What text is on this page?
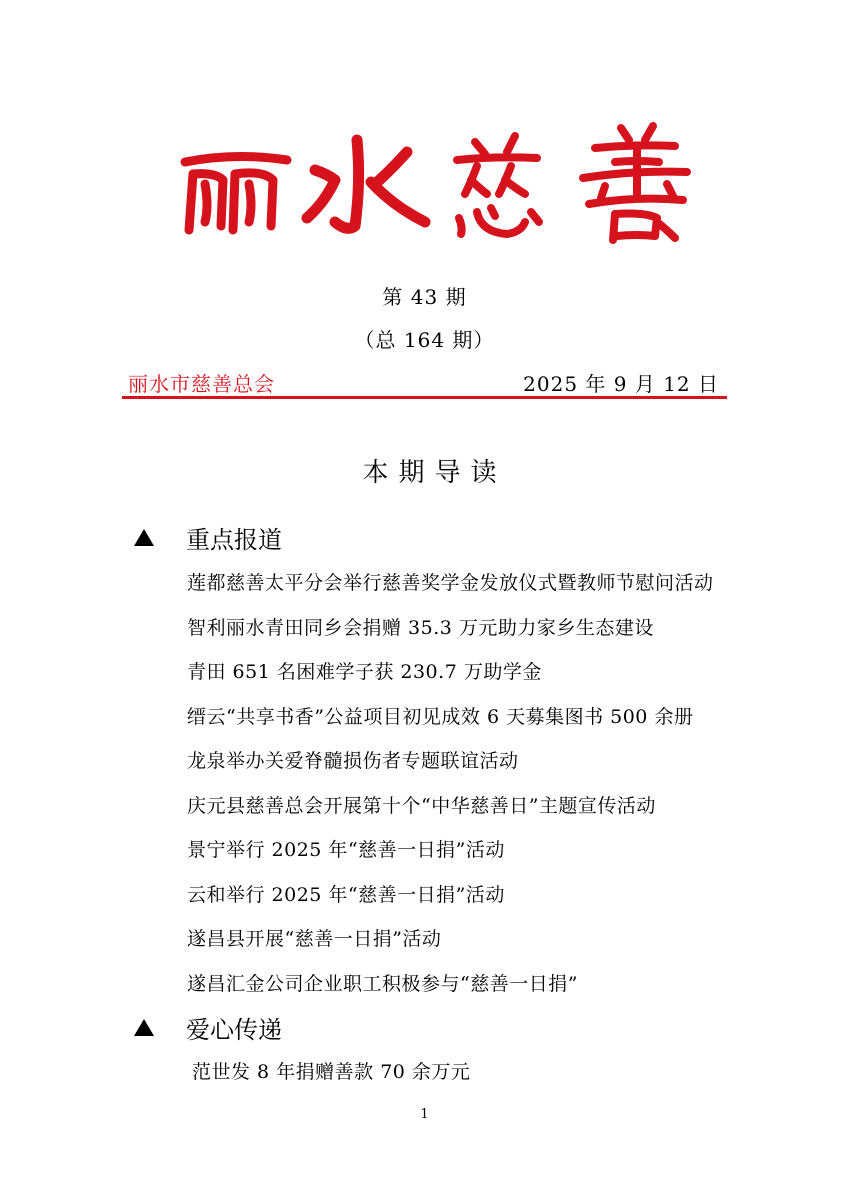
第 43 期
（总 164 期）
丽水市慈善总会	2025 年 9 月 12 日
本期导读
重点报道
莲都慈善太平分会举行慈善奖学金发放仪式暨教师节慰问活动
智利丽水青田同乡会捐赠 35.3 万元助力家乡生态建设
青田 651 名困难学子获 230.7 万助学金
缙云“共享书香”公益项目初见成效 6 天募集图书 500 余册
龙泉举办关爱脊髓损伤者专题联谊活动
庆元县慈善总会开展第十个“中华慈善日”主题宣传活动
景宁举行 2025 年“慈善一日捐”活动
云和举行 2025 年“慈善一日捐”活动
遂昌县开展“慈善一日捐”活动
遂昌汇金公司企业职工积极参与“慈善一日捐”
爱心传递
范世发 8 年捐赠善款 70 余万元
1
